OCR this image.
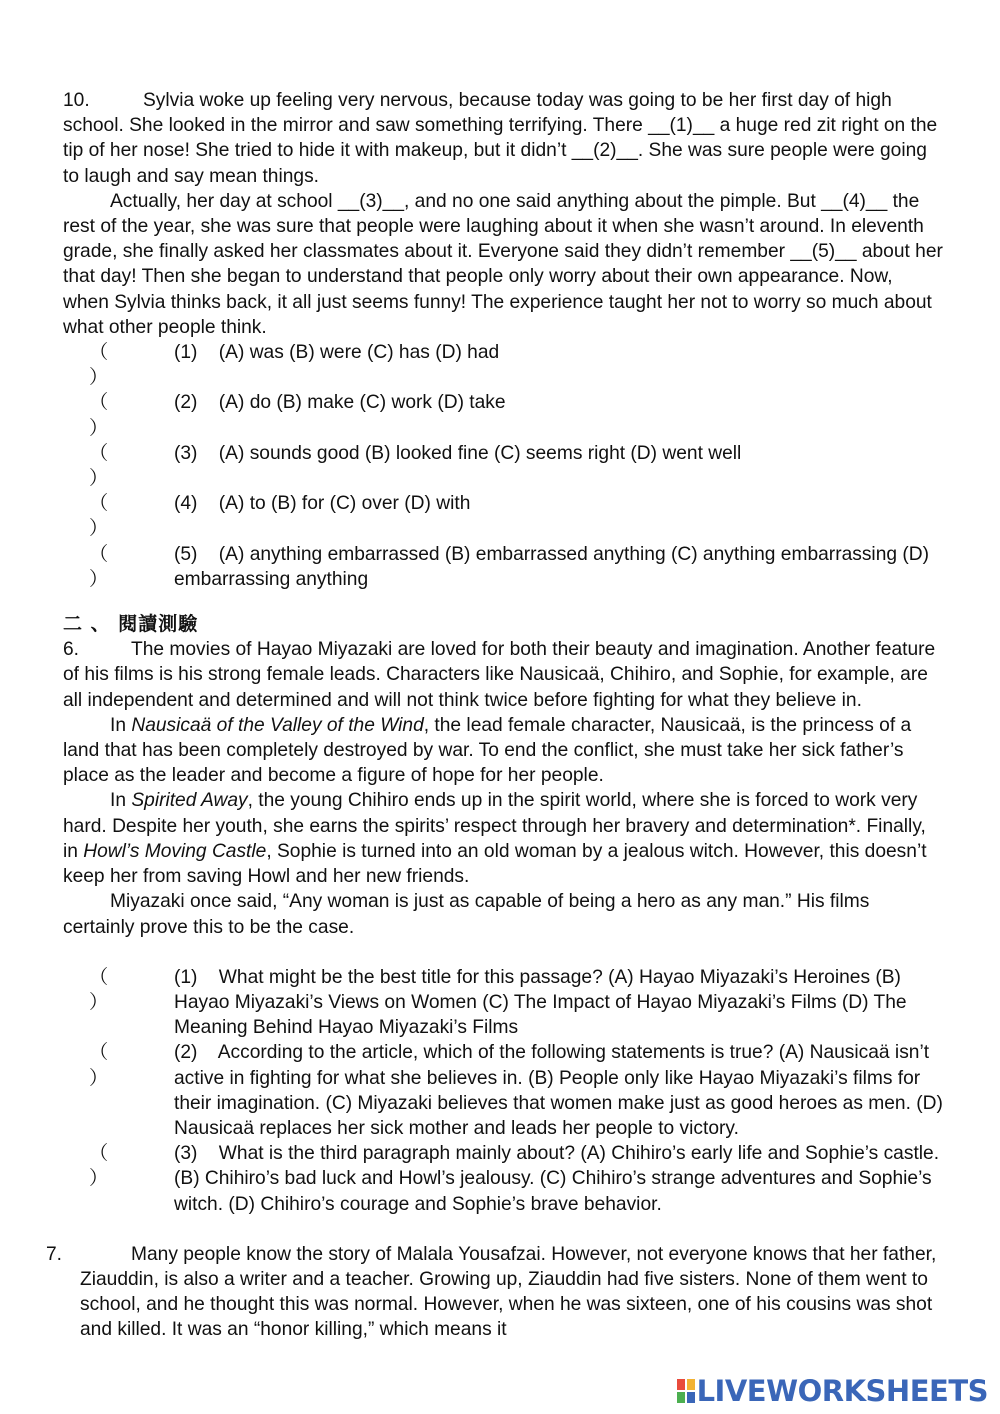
10.	Sylvia woke up feeling very nervous, because today was going to be her first day of high school. She looked in the mirror and saw something terrifying. There __(1)__ a huge red zit right on the tip of her nose! She tried to hide it with makeup, but it didn’t __(2)__. She was sure people were going to laugh and say mean things.

Actually, her day at school __(3)__, and no one said anything about the pimple. But __(4)__ the rest of the year, she was sure that people were laughing about it when she wasn’t around. In eleventh grade, she finally asked her classmates about it. Everyone said they didn’t remember __(5)__ about her that day! Then she began to understand that people only worry about their own appearance. Now, when Sylvia thinks back, it all just seems funny! The experience taught her not to worry so much about what other people think.

（）
(1) (A) was (B) were (C) has (D) had
（）
(2) (A) do (B) make (C) work (D) take
（）
(3) (A) sounds good (B) looked fine (C) seems right (D) went well
（）
(4) (A) to (B) for (C) over (D) with
（）
(5) (A) anything embarrassed (B) embarrassed anything (C) anything embarrassing (D) embarrassing anything

二 、 閱讀測驗

6.	The movies of Hayao Miyazaki are loved for both their beauty and imagination. Another feature of his films is his strong female leads. Characters like Nausicaä, Chihiro, and Sophie, for example, are all independent and determined and will not think twice before fighting for what they believe in.

In Nausicaä of the Valley of the Wind, the lead female character, Nausicaä, is the princess of a land that has been completely destroyed by war. To end the conflict, she must take her sick father’s place as the leader and become a figure of hope for her people.

In Spirited Away, the young Chihiro ends up in the spirit world, where she is forced to work very hard. Despite her youth, she earns the spirits’ respect through her bravery and determination*. Finally, in Howl’s Moving Castle, Sophie is turned into an old woman by a jealous witch. However, this doesn’t keep her from saving Howl and her new friends.

Miyazaki once said, “Any woman is just as capable of being a hero as any man.” His films certainly prove this to be the case.

（）
(1) What might be the best title for this passage? (A) Hayao Miyazaki’s Heroines (B) Hayao Miyazaki’s Views on Women (C) The Impact of Hayao Miyazaki’s Films (D) The Meaning Behind Hayao Miyazaki’s Films
（）
(2) According to the article, which of the following statements is true? (A) Nausicaä isn’t active in fighting for what she believes in. (B) People only like Hayao Miyazaki’s films for their imagination. (C) Miyazaki believes that women make just as good heroes as men. (D) Nausicaä replaces her sick mother and leads her people to victory.
（）
(3) What is the third paragraph mainly about? (A) Chihiro’s early life and Sophie’s castle. (B) Chihiro’s bad luck and Howl’s jealousy. (C) Chihiro’s strange adventures and Sophie’s witch. (D) Chihiro’s courage and Sophie’s brave behavior.

7.	Many people know the story of Malala Yousafzai. However, not everyone knows that her father, Ziauddin, is also a writer and a teacher. Growing up, Ziauddin had five sisters. None of them went to school, and he thought this was normal. However, when he was sixteen, one of his cousins was shot and killed. It was an “honor killing,” which means it

LIVEWORKSHEETS
